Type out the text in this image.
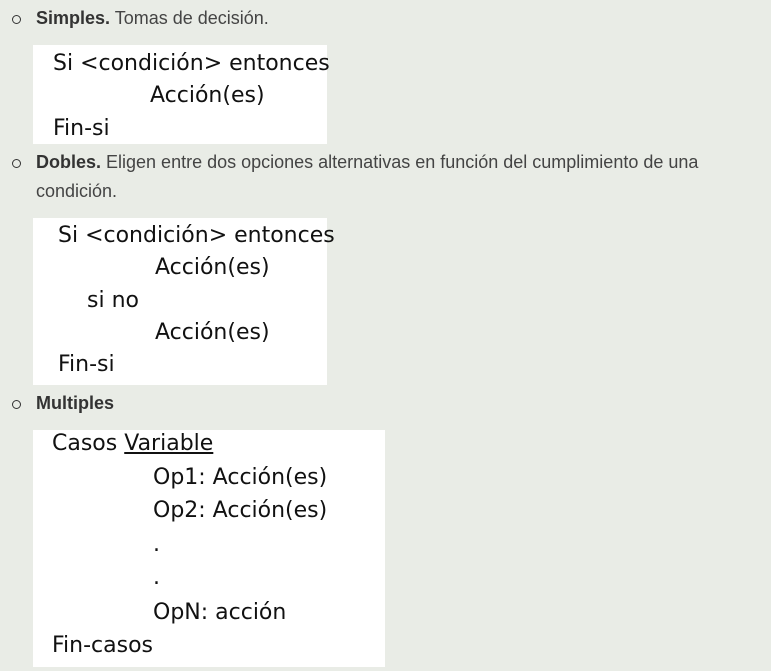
Simples. Tomas de decisión.
Si <condición> entonces
Acción(es)
Fin-si
Dobles. Eligen entre dos opciones alternativas en función del cumplimiento de una condición.
Si <condición> entonces
Acción(es)
si no
Acción(es)
Fin-si
Multiples
Casos Variable
Op1: Acción(es)
Op2: Acción(es)
.
.
OpN: acción
Fin-casos
